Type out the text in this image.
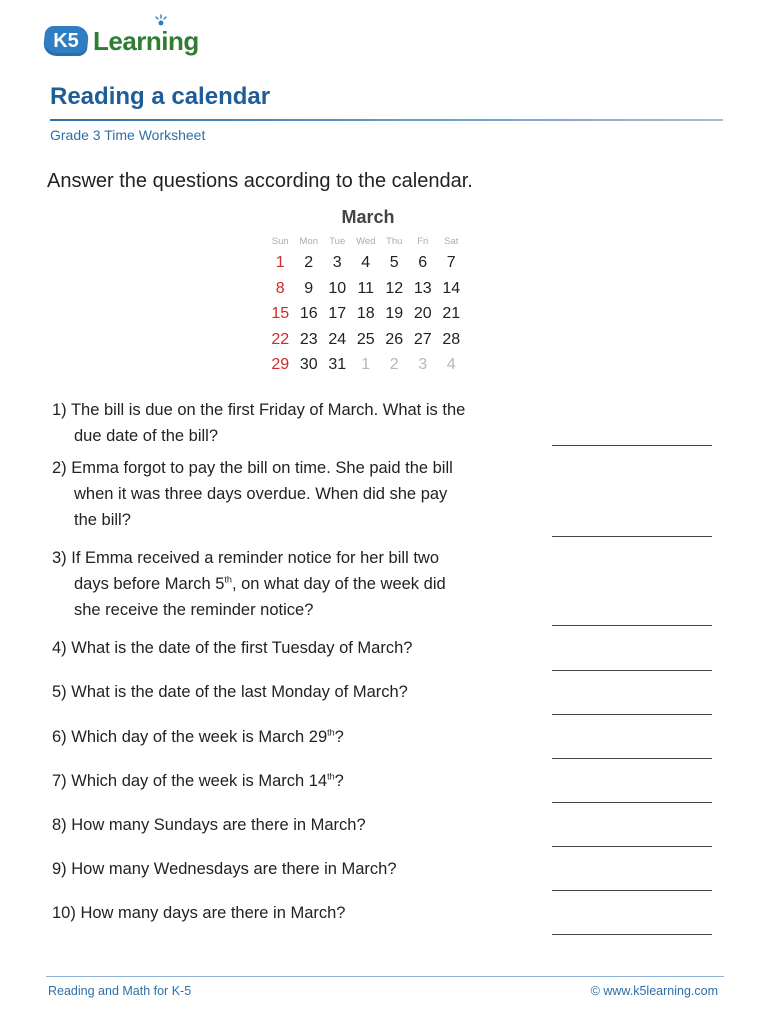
K5 Learning
Reading a calendar
Grade 3 Time Worksheet
Answer the questions according to the calendar.
March
Sun	Mon	Tue	Wed	Thu	Fri	Sat
1	2	3	4	5	6	7
8	9 10 11 12 13 14
15 16 17 18 19 20 21
22 23 24 25 26 27 28
29 30 31 1	2	3	4
1) The bill is due on the first Friday of March. What is the
due date of the bill?
2) Emma forgot to pay the bill on time. She paid the bill
when it was three days overdue. When did she pay
the bill?
3) If Emma received a reminder notice for her bill two
days before March 5th, on what day of the week did
she receive the reminder notice?
4) What is the date of the first Tuesday of March?
5) What is the date of the last Monday of March?
6) Which day of the week is March 29th?
7) Which day of the week is March 14th?
8) How many Sundays are there in March?
9) How many Wednesdays are there in March?
10) How many days are there in March?
Reading and Math for K-5	© www.k5learning.com
